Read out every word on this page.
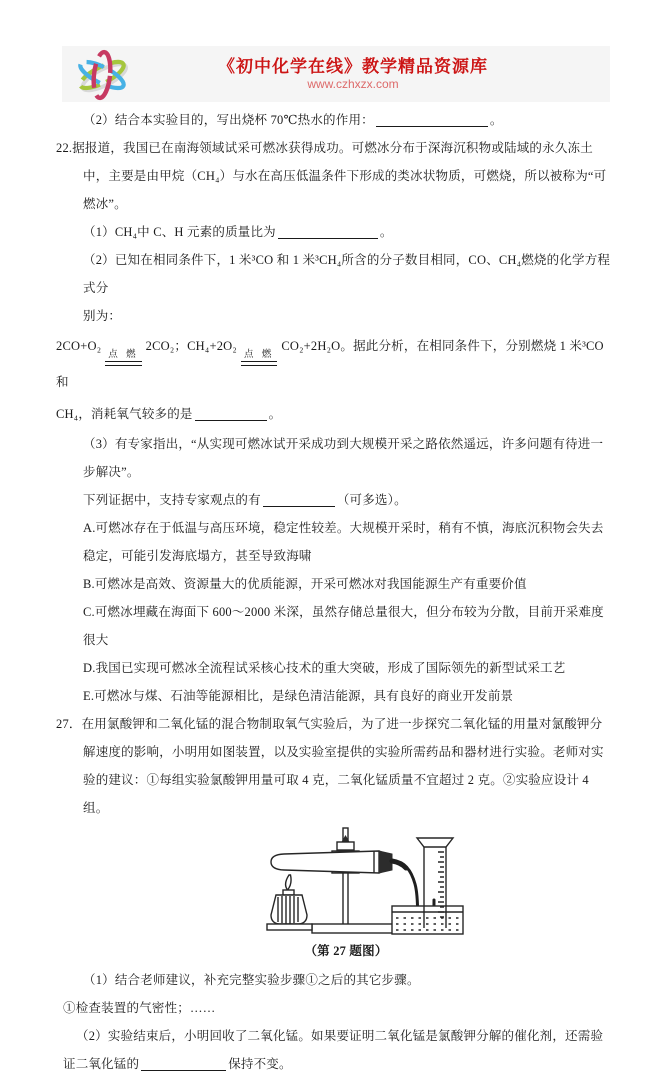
《初中化学在线》教学精品资源库
www.czhxzx.com

（2）结合本实验目的，写出烧杯 70℃热水的作用：	。

22.据报道，我国已在南海领域试采可燃冰获得成功。可燃冰分布于深海沉积物或陆域的永久冻土中，主要是由甲烷（CH₄）与水在高压低温条件下形成的类冰状物质，可燃烧，所以被称为“可燃冰”。

（1）CH₄中 C、H 元素的质量比为	。

（2）已知在相同条件下，1 米³CO 和 1 米³CH₄所含的分子数目相同，CO、CH₄燃烧的化学方程式分

别为：

2CO+O₂
点 燃
2CO₂；CH₄+2O₂
点 燃
CO₂+2H₂O。据此分析，在相同条件下，分别燃烧 1 米³CO 和

CH₄，消耗氧气较多的是	。

（3）有专家指出，“从实现可燃冰试开采成功到大规模开采之路依然遥远，许多问题有待进一步解决”。

下列证据中，支持专家观点的有	（可多选）。

A.可燃冰存在于低温与高压环境，稳定性较差。大规模开采时，稍有不慎，海底沉积物会失去稳定，可能引发海底塌方，甚至导致海啸

B.可燃冰是高效、资源量大的优质能源，开采可燃冰对我国能源生产有重要价值

C.可燃冰埋藏在海面下 600～2000 米深，虽然存储总量很大，但分布较为分散，目前开采难度很大

D.我国已实现可燃冰全流程试采核心技术的重大突破，形成了国际领先的新型试采工艺

E.可燃冰与煤、石油等能源相比，是绿色清洁能源，具有良好的商业开发前景

27．在用氯酸钾和二氧化锰的混合物制取氧气实验后，为了进一步探究二氧化锰的用量对氯酸钾分解速度的影响，小明用如图装置，以及实验室提供的实验所需药品和器材进行实验。老师对实验的建议：①每组实验氯酸钾用量可取 4 克，二氧化锰质量不宜超过 2 克。②实验应设计 4 组。

（第 27 题图）

（1）结合老师建议，补充完整实验步骤①之后的其它步骤。

①检查装置的气密性；……

（2）实验结束后，小明回收了二氧化锰。如果要证明二氧化锰是氯酸钾分解的催化剂，还需验证二氧化锰的	保持不变。
